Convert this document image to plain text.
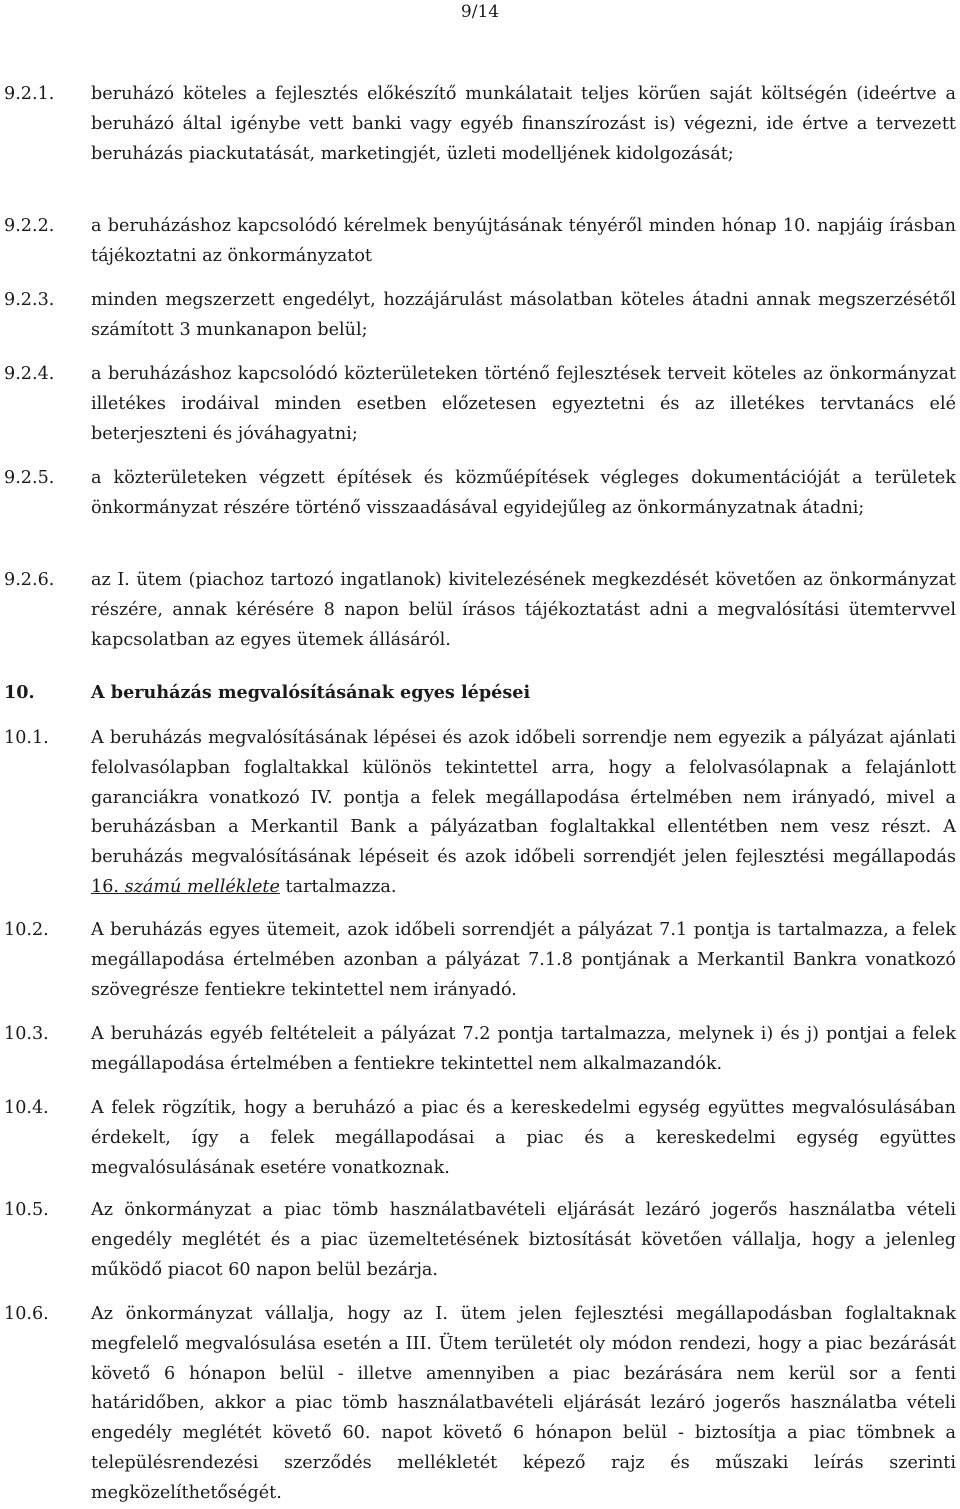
9/14
9.2.1. beruházó köteles a fejlesztés előkészítő munkálatait teljes körűen saját költségén (ideértve a beruházó által igénybe vett banki vagy egyéb finanszírozást is) végezni, ide értve a tervezett beruházás piackutatását, marketingjét, üzleti modelljének kidolgozását;
9.2.2. a beruházáshoz kapcsolódó kérelmek benyújtásának tényéről minden hónap 10. napjáig írásban tájékoztatni az önkormányzatot
9.2.3. minden megszerzett engedélyt, hozzájárulást másolatban köteles átadni annak megszerzésétől számított 3 munkanapon belül;
9.2.4. a beruházáshoz kapcsolódó közterületeken történő fejlesztések terveit köteles az önkormányzat illetékes irodáival minden esetben előzetesen egyeztetni és az illetékes tervtanács elé beterjeszteni és jóváhagyatni;
9.2.5. a közterületeken végzett építések és közműépítések végleges dokumentációját a területek önkormányzat részére történő visszaadásával egyidejűleg az önkormányzatnak átadni;
9.2.6. az I. ütem (piachoz tartozó ingatlanok) kivitelezésének megkezdését követően az önkormányzat részére, annak kérésére 8 napon belül írásos tájékoztatást adni a megvalósítási ütemtervvel kapcsolatban az egyes ütemek állásáról.
10.	A beruházás megvalósításának egyes lépései
10.1. A beruházás megvalósításának lépései és azok időbeli sorrendje nem egyezik a pályázat ajánlati felolvasólapban foglaltakkal különös tekintettel arra, hogy a felolvasólapnak a felajánlott garanciákra vonatkozó IV. pontja a felek megállapodása értelmében nem irányadó, mivel a beruházásban a Merkantil Bank a pályázatban foglaltakkal ellentétben nem vesz részt. A beruházás megvalósításának lépéseit és azok időbeli sorrendjét jelen fejlesztési megállapodás 16. számú melléklete tartalmazza.
10.2. A beruházás egyes ütemeit, azok időbeli sorrendjét a pályázat 7.1 pontja is tartalmazza, a felek megállapodása értelmében azonban a pályázat 7.1.8 pontjának a Merkantil Bankra vonatkozó szövegrésze fentiekre tekintettel nem irányadó.
10.3. A beruházás egyéb feltételeit a pályázat 7.2 pontja tartalmazza, melynek i) és j) pontjai a felek megállapodása értelmében a fentiekre tekintettel nem alkalmazandók.
10.4. A felek rögzítik, hogy a beruházó a piac és a kereskedelmi egység együttes megvalósulásában érdekelt, így a felek megállapodásai a piac és a kereskedelmi egység együttes megvalósulásának esetére vonatkoznak.
10.5. Az önkormányzat a piac tömb használatbavételi eljárását lezáró jogerős használatba vételi engedély meglétét és a piac üzemeltetésének biztosítását követően vállalja, hogy a jelenleg működő piacot 60 napon belül bezárja.
10.6. Az önkormányzat vállalja, hogy az I. ütem jelen fejlesztési megállapodásban foglaltaknak megfelelő megvalósulása esetén a III. Ütem területét oly módon rendezi, hogy a piac bezárását követő 6 hónapon belül - illetve amennyiben a piac bezárására nem kerül sor a fenti határidőben, akkor a piac tömb használatbavételi eljárását lezáró jogerős használatba vételi engedély meglétét követő 60. napot követő 6 hónapon belül - biztosítja a piac tömbnek a településrendezési szerződés mellékletét képező rajz és műszaki leírás szerinti megközelíthetőségét.
